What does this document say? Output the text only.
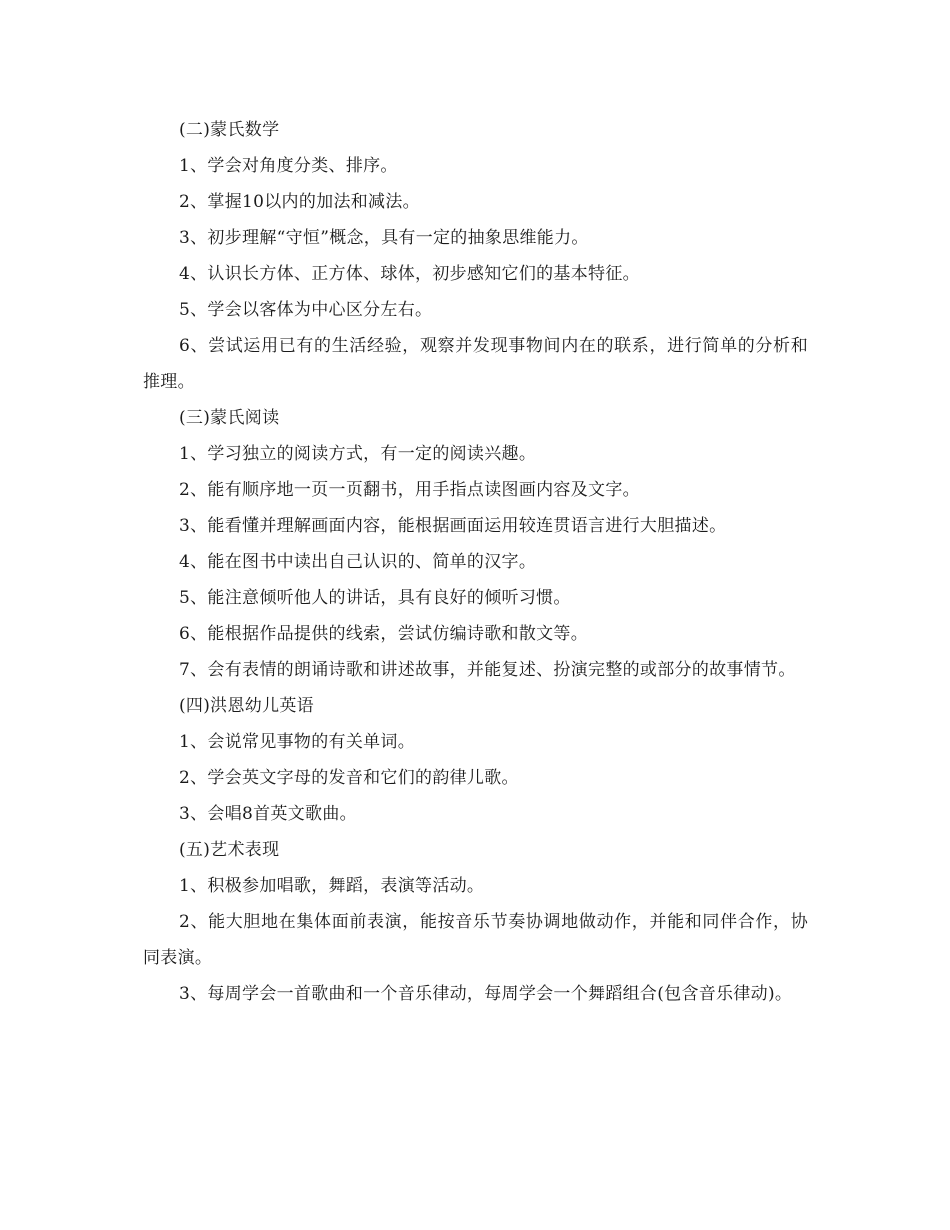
(二)蒙氏数学

1、学会对角度分类、排序。

2、掌握10以内的加法和减法。

3、初步理解“守恒”概念，具有一定的抽象思维能力。

4、认识长方体、正方体、球体，初步感知它们的基本特征。

5、学会以客体为中心区分左右。

6、尝试运用已有的生活经验，观察并发现事物间内在的联系，进行简单的分析和推理。

(三)蒙氏阅读

1、学习独立的阅读方式，有一定的阅读兴趣。

2、能有顺序地一页一页翻书，用手指点读图画内容及文字。

3、能看懂并理解画面内容，能根据画面运用较连贯语言进行大胆描述。

4、能在图书中读出自己认识的、简单的汉字。

5、能注意倾听他人的讲话，具有良好的倾听习惯。

6、能根据作品提供的线索，尝试仿编诗歌和散文等。

7、会有表情的朗诵诗歌和讲述故事，并能复述、扮演完整的或部分的故事情节。

(四)洪恩幼儿英语

1、会说常见事物的有关单词。

2、学会英文字母的发音和它们的韵律儿歌。

3、会唱8首英文歌曲。

(五)艺术表现

1、积极参加唱歌，舞蹈，表演等活动。

2、能大胆地在集体面前表演，能按音乐节奏协调地做动作，并能和同伴合作，协同表演。

3、每周学会一首歌曲和一个音乐律动，每周学会一个舞蹈组合(包含音乐律动)。
